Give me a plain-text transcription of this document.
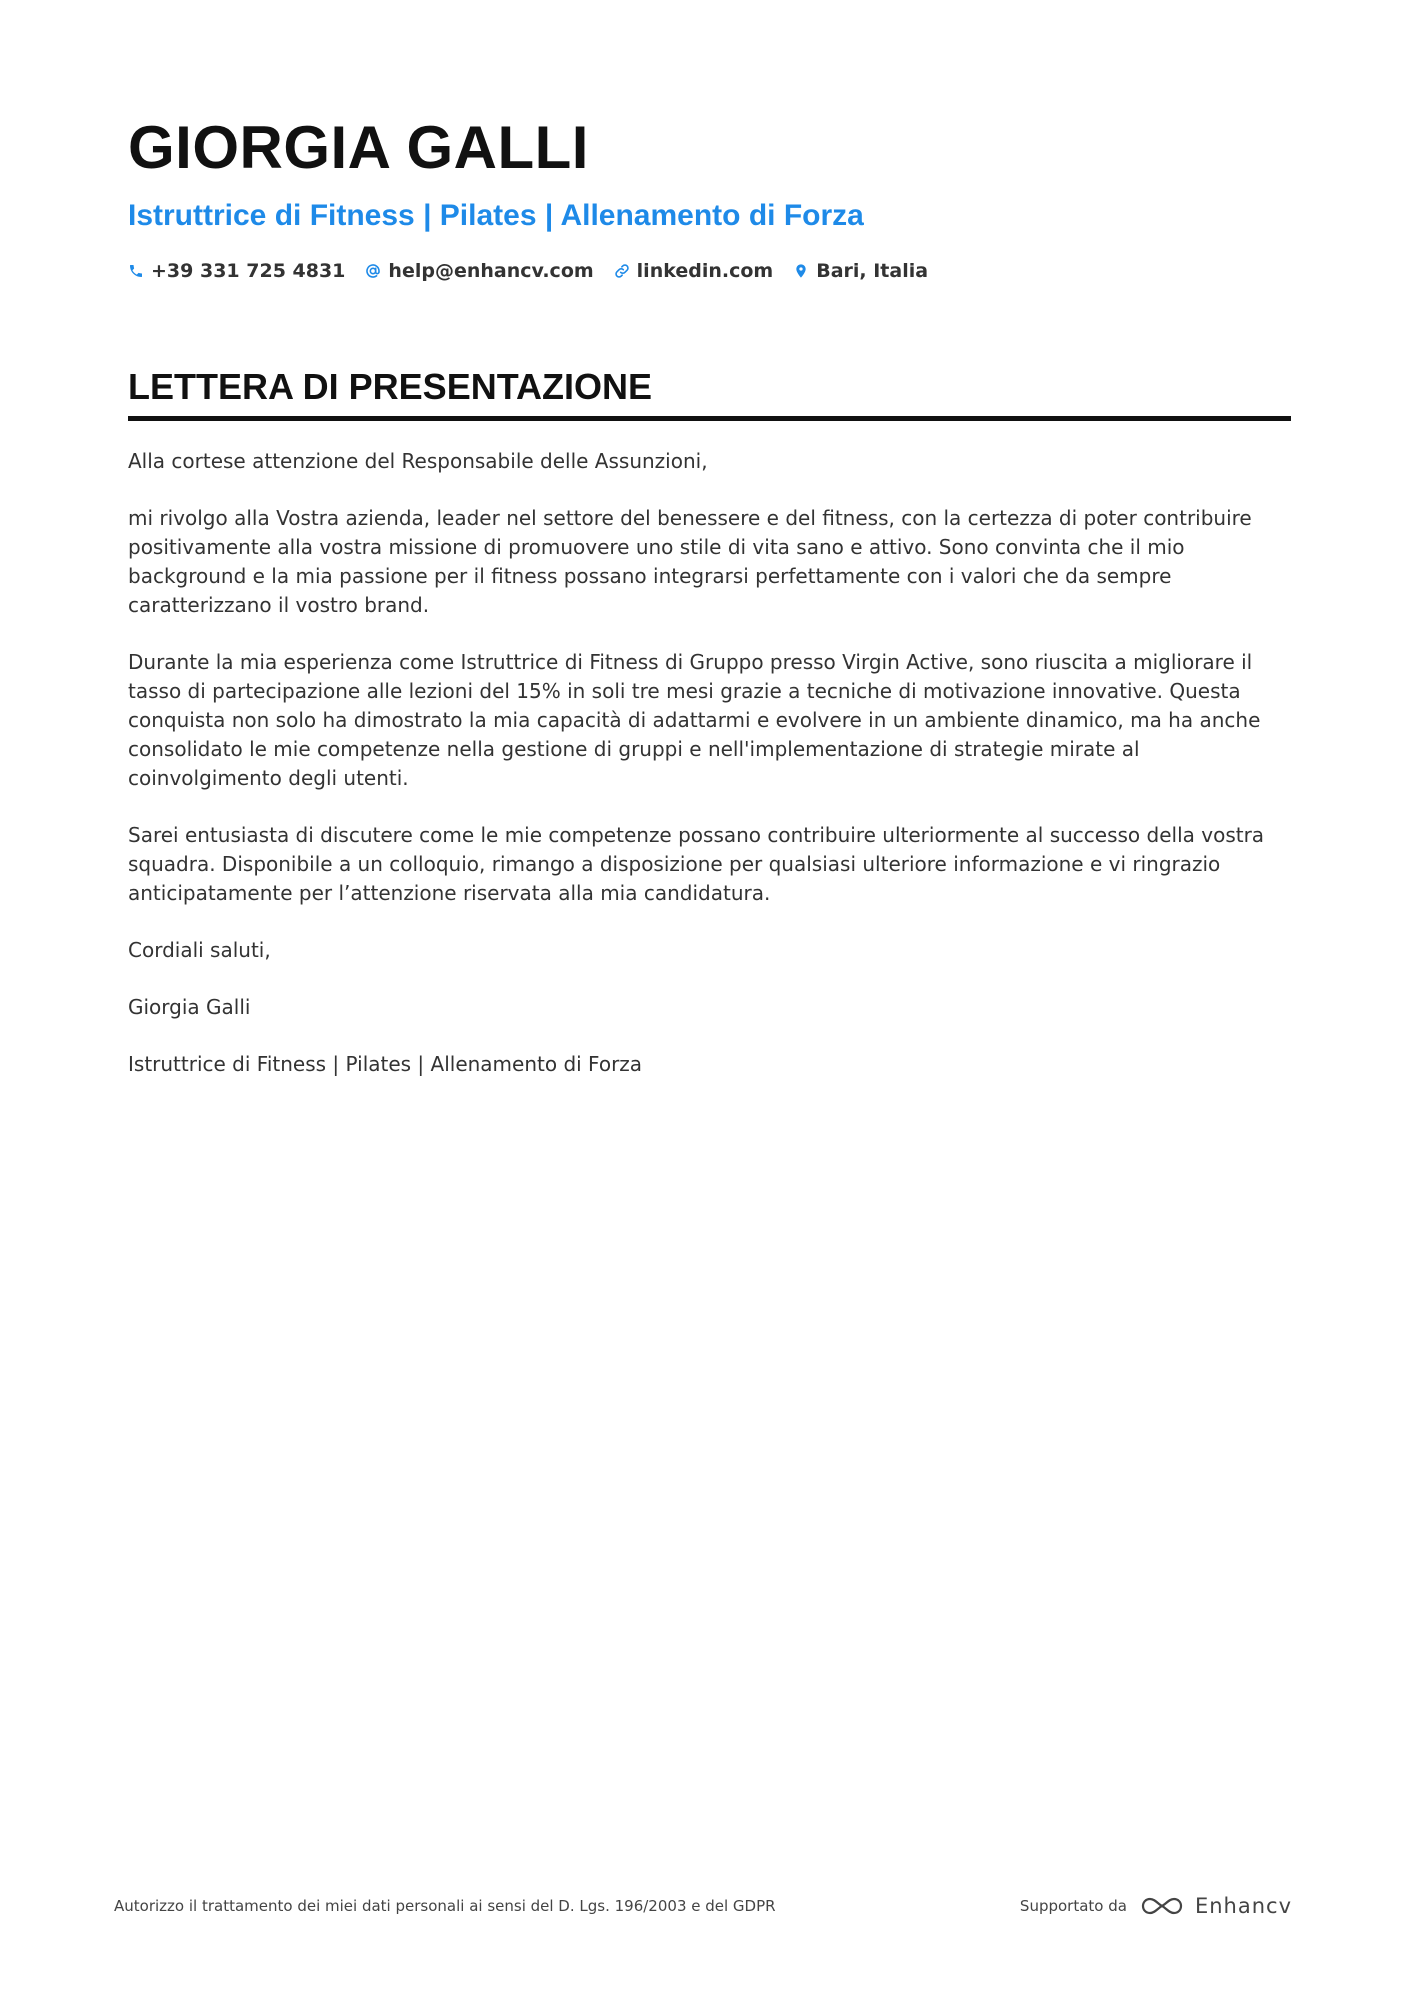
GIORGIA GALLI
Istruttrice di Fitness | Pilates | Allenamento di Forza
+39 331 725 4831 help@enhancv.com linkedin.com Bari, Italia
LETTERA DI PRESENTAZIONE

Alla cortese attenzione del Responsabile delle Assunzioni,

mi rivolgo alla Vostra azienda, leader nel settore del benessere e del fitness, con la certezza di poter contribuire positivamente alla vostra missione di promuovere uno stile di vita sano e attivo. Sono convinta che il mio background e la mia passione per il fitness possano integrarsi perfettamente con i valori che da sempre caratterizzano il vostro brand.

Durante la mia esperienza come Istruttrice di Fitness di Gruppo presso Virgin Active, sono riuscita a migliorare il tasso di partecipazione alle lezioni del 15% in soli tre mesi grazie a tecniche di motivazione innovative. Questa conquista non solo ha dimostrato la mia capacità di adattarmi e evolvere in un ambiente dinamico, ma ha anche consolidato le mie competenze nella gestione di gruppi e nell'implementazione di strategie mirate al coinvolgimento degli utenti.

Sarei entusiasta di discutere come le mie competenze possano contribuire ulteriormente al successo della vostra squadra. Disponibile a un colloquio, rimango a disposizione per qualsiasi ulteriore informazione e vi ringrazio anticipatamente per l’attenzione riservata alla mia candidatura.

Cordiali saluti,

Giorgia Galli

Istruttrice di Fitness | Pilates | Allenamento di Forza

Autorizzo il trattamento dei miei dati personali ai sensi del D. Lgs. 196/2003 e del GDPR	Supportato da	Enhancv
